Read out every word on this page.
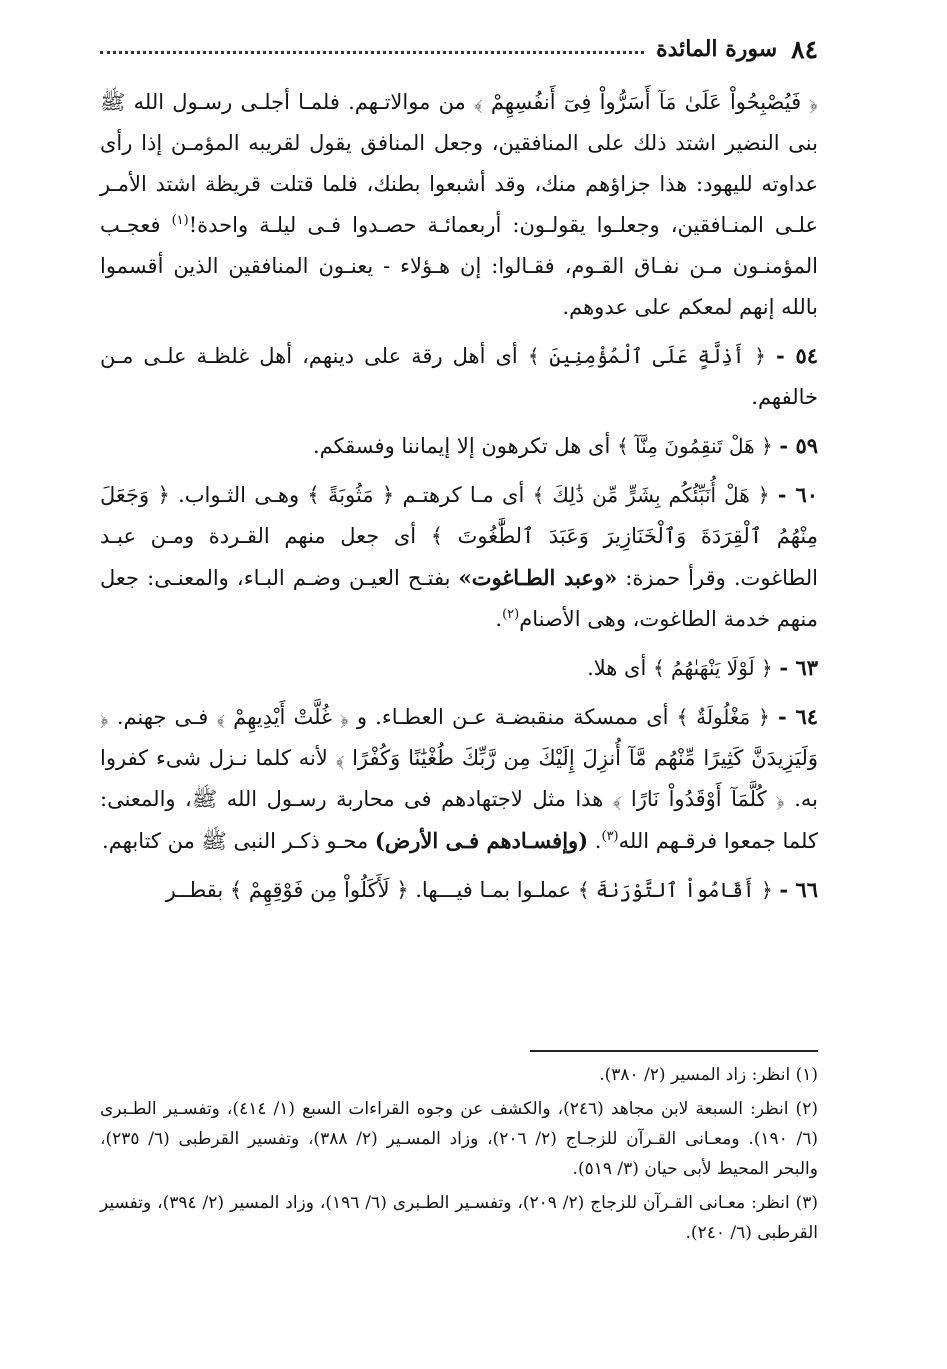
٨٤
سورة المائدة

﴿ فَيُصْبِحُواْ عَلَىٰ مَآ أَسَرُّواْ فِىٓ أَنفُسِهِمْ ﴾ من موالاتـهم. فلمـا أجلـى رسـول الله ﷺ بنى النضير اشتد ذلك على المنافقين، وجعل المنافق يقول لقريبه المؤمـن إذا رأى عداوته لليهود: هذا جزاؤهم منك، وقد أشبعوا بطنك، فلما قتلت قريظة اشتد الأمـر علـى المنـافقين، وجعلـوا يقولـون: أربعمائـة حصـدوا فـى ليلـة واحدة!$^{(١)}$ فعجـب المؤمنـون مـن نفـاق القـوم، فقـالوا: إن هـؤلاء - يعنـون المنافقين الذين أقسموا بالله إنهم لمعكم على عدوهم.

٥٤ - ﴿ أَذِلَّةٍ عَلَى ٱلْمُؤْمِنِينَ ﴾ أى أهل رقة على دينهم، أهل غلظـة علـى مـن خالفهم.

٥٩ - ﴿ هَلْ تَنقِمُونَ مِنَّآ ﴾ أى هل تكرهون إلا إيماننا وفسقكم.

٦٠ - ﴿ هَلْ أُنَبِّئُكُم بِشَرٍّ مِّن ذَٰلِكَ ﴾ أى مـا كرهتـم ﴿ مَثُوبَةً ﴾ وهـى الثـواب. ﴿ وَجَعَلَ مِنْهُمُ ٱلْقِرَدَةَ وَٱلْخَنَازِيرَ وَعَبَدَ ٱلطَّٰغُوتَ ﴾ أى جعل منهم القـردة ومـن عبـد الطاغوت. وقرأ حمزة: «وعبد الطـاغوت» بفتـح العيـن وضـم البـاء، والمعنـى: جعل منهم خدمة الطاغوت، وهى الأصنام$^{(٢)}$.

٦٣ - ﴿ لَوْلَا يَنْهَىٰهُمُ ﴾ أى هلا.

٦٤ - ﴿ مَغْلُولَةٌ ﴾ أى ممسكة منقبضـة عـن العطـاء. و ﴿ غُلَّتْ أَيْدِيهِمْ ﴾ فـى جهنم. ﴿ وَلَيَزِيدَنَّ كَثِيرًا مِّنْهُم مَّآ أُنزِلَ إِلَيْكَ مِن رَّبِّكَ طُغْيَٰنًا وَكُفْرًا ﴾ لأنه كلما نـزل شىء كفروا به. ﴿ كُلَّمَآ أَوْقَدُواْ نَارًا ﴾ هذا مثل لاجتهادهم فى محاربة رسـول الله ﷺ، والمعنى: كلما جمعوا فرقـهم الله$^{(٣)}$. (وإفسـادهم فـى الأرض) محـو ذكـر النبى ﷺ من كتابهم.

٦٦ - ﴿ أَقَامُواْ ٱلتَّوْرَىٰةَ ﴾ عملـوا بمـا فيـــها. ﴿ لَأَكَلُواْ مِن فَوْقِهِمْ ﴾ بقطــر

(١) انظر: زاد المسير (٢/ ٣٨٠).

(٢) انظر: السبعة لابن مجاهد (٢٤٦)، والكشف عن وجوه القراءات السبع (١/ ٤١٤)، وتفسـير الطـبرى (٦/ ١٩٠). ومعـانى القـرآن للزجـاج (٢/ ٢٠٦)، وزاد المسـير (٢/ ٣٨٨)، وتفسير القرطبى (٦/ ٢٣٥)، والبحر المحيط لأبى حيان (٣/ ٥١٩).

(٣) انظر: معـانى القـرآن للزجاج (٢/ ٢٠٩)، وتفسـير الطـبرى (٦/ ١٩٦)، وزاد المسير (٢/ ٣٩٤)، وتفسير القرطبى (٦/ ٢٤٠).
